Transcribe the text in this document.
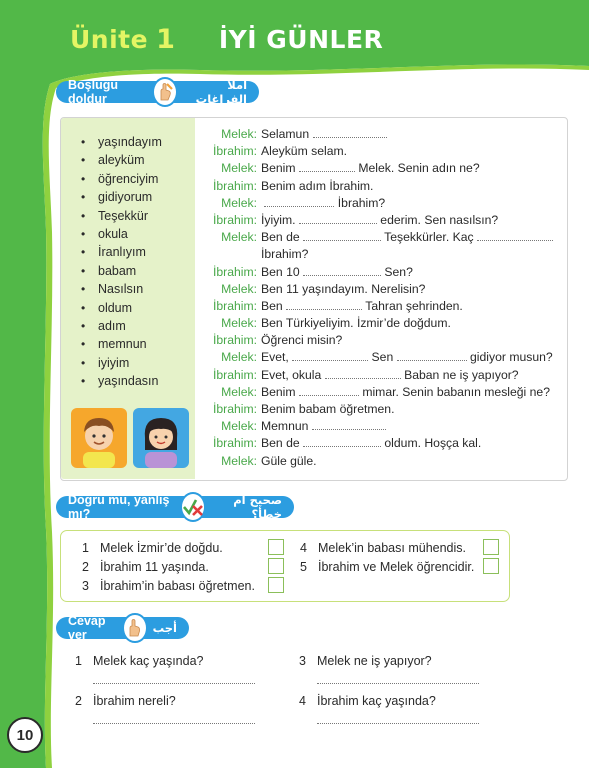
Ünite 1 İYİ GÜNLER
Boşluğu doldur
املأ الفراغات
• yaşındayım
• aleyküm
• öğrenciyim
• gidiyorum
• Teşekkür
• okula
• İranlıyım
• babam
• Nasılsın
• oldum
• adım
• memnun
• iyiyim
• yaşındasın
Melek: Selamun
İbrahim: Aleyküm selam.
Melek: Benim	Melek. Senin adın ne?
İbrahim: Benim adım İbrahim.
Melek:	İbrahim?
İbrahim: İyiyim.	ederim. Sen nasılsın?
Melek: Ben de	Teşekkürler. Kaç
İbrahim?
İbrahim: Ben 10	Sen?
Melek: Ben 11 yaşındayım. Nerelisin?
İbrahim: Ben	Tahran şehrinden.
Melek: Ben Türkiyeliyim. İzmir’de doğdum.
İbrahim: Öğrenci misin?
Melek: Evet,	Sen	gidiyor musun?
İbrahim: Evet, okula	Baban ne iş yapıyor?
Melek: Benim	mimar. Senin babanın mesleği ne?
İbrahim: Benim babam öğretmen.
Melek: Memnun
İbrahim: Ben de	oldum. Hoşça kal.
Melek: Güle güle.
Doğru mu, yanlış mı?
صحيح أم خطأ؟
1 Melek İzmir’de doğdu.
2 İbrahim 11 yaşında.
3 İbrahim’in babası öğretmen.
4 Melek’in babası mühendis.
5 İbrahim ve Melek öğrencidir.
Cevap ver	أجب
1 Melek kaç yaşında?
2 İbrahim nereli?
3 Melek ne iş yapıyor?
4 İbrahim kaç yaşında?
10
